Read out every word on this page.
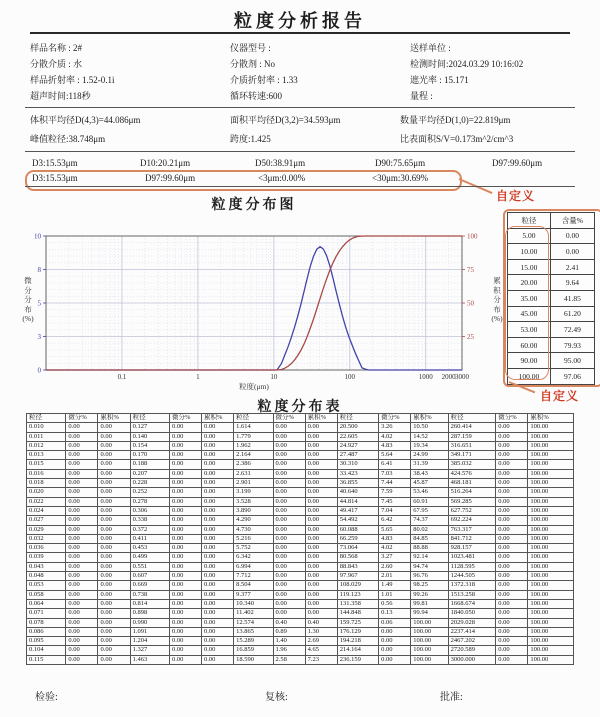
粒度分析报告
样品名称 : 2#	仪器型号 :	送样单位 :
分散介质 : 水	分散剂 : No	检测时间:2024.03.29 10:16:02
样品折射率 : 1.52-0.1i	介质折射率 : 1.33	遮光率 : 15.171
超声时间:118秒	循环转速:600	量程 :
体积平均径D(4,3)=44.086μm	面积平均径D(3,2)=34.593μm	数量平均径D(1,0)=22.819μm
峰值粒径:38.748μm	跨度:1.425	比表面积S/V=0.173m^2/cm^3
D3:15.53μm	D10:20.21μm	D50:38.91μm	D90:75.65μm	D97:99.60μm
自定义
D3:15.53μm	D97:99.60μm	<3μm:0.00%	<30μm:30.69%
粒度分布图
0
3
5
8
10
25
50
75
100
0.1	1	10	100	1000 2000 3000
粒度(μm)
微
分
分
布
(%)
累
积
分
布
(%)
粒径	含量%
5.00	0.00
10.00	0.00
15.00	2.41
20.00	9.64
35.00	41.85
45.00	61.20
53.00	72.49
60.00	79.93
90.00	95.00
100.00	97.06
自定义
粒度分布表
粒径	微分%	累积%	粒径	微分%	累积%	粒径	微分%	累积%	粒径	微分%	累积%	粒径	微分%	累积%
0.010	0.00	0.00	0.127	0.00	0.00	1.614	0.00	0.00	20.500	3.26	10.50	260.414	0.00	100.00
0.011	0.00	0.00	0.140	0.00	0.00	1.779	0.00	0.00	22.605	4.02	14.52	287.159	0.00	100.00
0.012	0.00	0.00	0.154	0.00	0.00	1.962	0.00	0.00	24.927	4.83	19.34	316.651	0.00	100.00
0.013	0.00	0.00	0.170	0.00	0.00	2.164	0.00	0.00	27.487	5.64	24.99	349.171	0.00	100.00
0.015	0.00	0.00	0.188	0.00	0.00	2.386	0.00	0.00	30.310	6.41	31.39	385.032	0.00	100.00
0.016	0.00	0.00	0.207	0.00	0.00	2.631	0.00	0.00	33.423	7.03	38.43	424.576	0.00	100.00
0.018	0.00	0.00	0.228	0.00	0.00	2.901	0.00	0.00	36.855	7.44	45.87	468.181	0.00	100.00
0.020	0.00	0.00	0.252	0.00	0.00	3.199	0.00	0.00	40.640	7.59	53.46	516.264	0.00	100.00
0.022	0.00	0.00	0.278	0.00	0.00	3.528	0.00	0.00	44.814	7.45	60.91	569.285	0.00	100.00
0.024	0.00	0.00	0.306	0.00	0.00	3.890	0.00	0.00	49.417	7.04	67.95	627.752	0.00	100.00
0.027	0.00	0.00	0.338	0.00	0.00	4.290	0.00	0.00	54.492	6.42	74.37	692.224	0.00	100.00
0.029	0.00	0.00	0.372	0.00	0.00	4.730	0.00	0.00	60.088	5.65	80.02	763.317	0.00	100.00
0.032	0.00	0.00	0.411	0.00	0.00	5.216	0.00	0.00	66.259	4.83	84.85	841.712	0.00	100.00
0.036	0.00	0.00	0.453	0.00	0.00	5.752	0.00	0.00	73.064	4.02	88.88	928.157	0.00	100.00
0.039	0.00	0.00	0.499	0.00	0.00	6.342	0.00	0.00	80.568	3.27	92.14	1023.481	0.00	100.00
0.043	0.00	0.00	0.551	0.00	0.00	6.994	0.00	0.00	88.843	2.60	94.74	1128.595	0.00	100.00
0.048	0.00	0.00	0.607	0.00	0.00	7.712	0.00	0.00	97.967	2.01	96.76	1244.505	0.00	100.00
0.053	0.00	0.00	0.669	0.00	0.00	8.504	0.00	0.00	108.029	1.49	98.25	1372.318	0.00	100.00
0.058	0.00	0.00	0.738	0.00	0.00	9.377	0.00	0.00	119.123	1.01	99.26	1513.258	0.00	100.00
0.064	0.00	0.00	0.814	0.00	0.00	10.340	0.00	0.00	131.358	0.56	99.81	1668.674	0.00	100.00
0.071	0.00	0.00	0.898	0.00	0.00	11.402	0.00	0.00	144.848	0.13	99.94	1840.050	0.00	100.00
0.078	0.00	0.00	0.990	0.00	0.00	12.574	0.40	0.40	159.725	0.06	100.00	2029.028	0.00	100.00
0.086	0.00	0.00	1.091	0.00	0.00	13.865	0.89	1.30	176.129	0.00	100.00	2237.414	0.00	100.00
0.095	0.00	0.00	1.204	0.00	0.00	15.289	1.40	2.69	194.218	0.00	100.00	2467.202	0.00	100.00
0.104	0.00	0.00	1.327	0.00	0.00	16.859	1.96	4.65	214.164	0.00	100.00	2720.589	0.00	100.00
0.115	0.00	0.00	1.463	0.00	0.00	18.590	2.58	7.23	236.159	0.00	100.00	3000.000	0.00	100.00
检验:	复核:	批准:
